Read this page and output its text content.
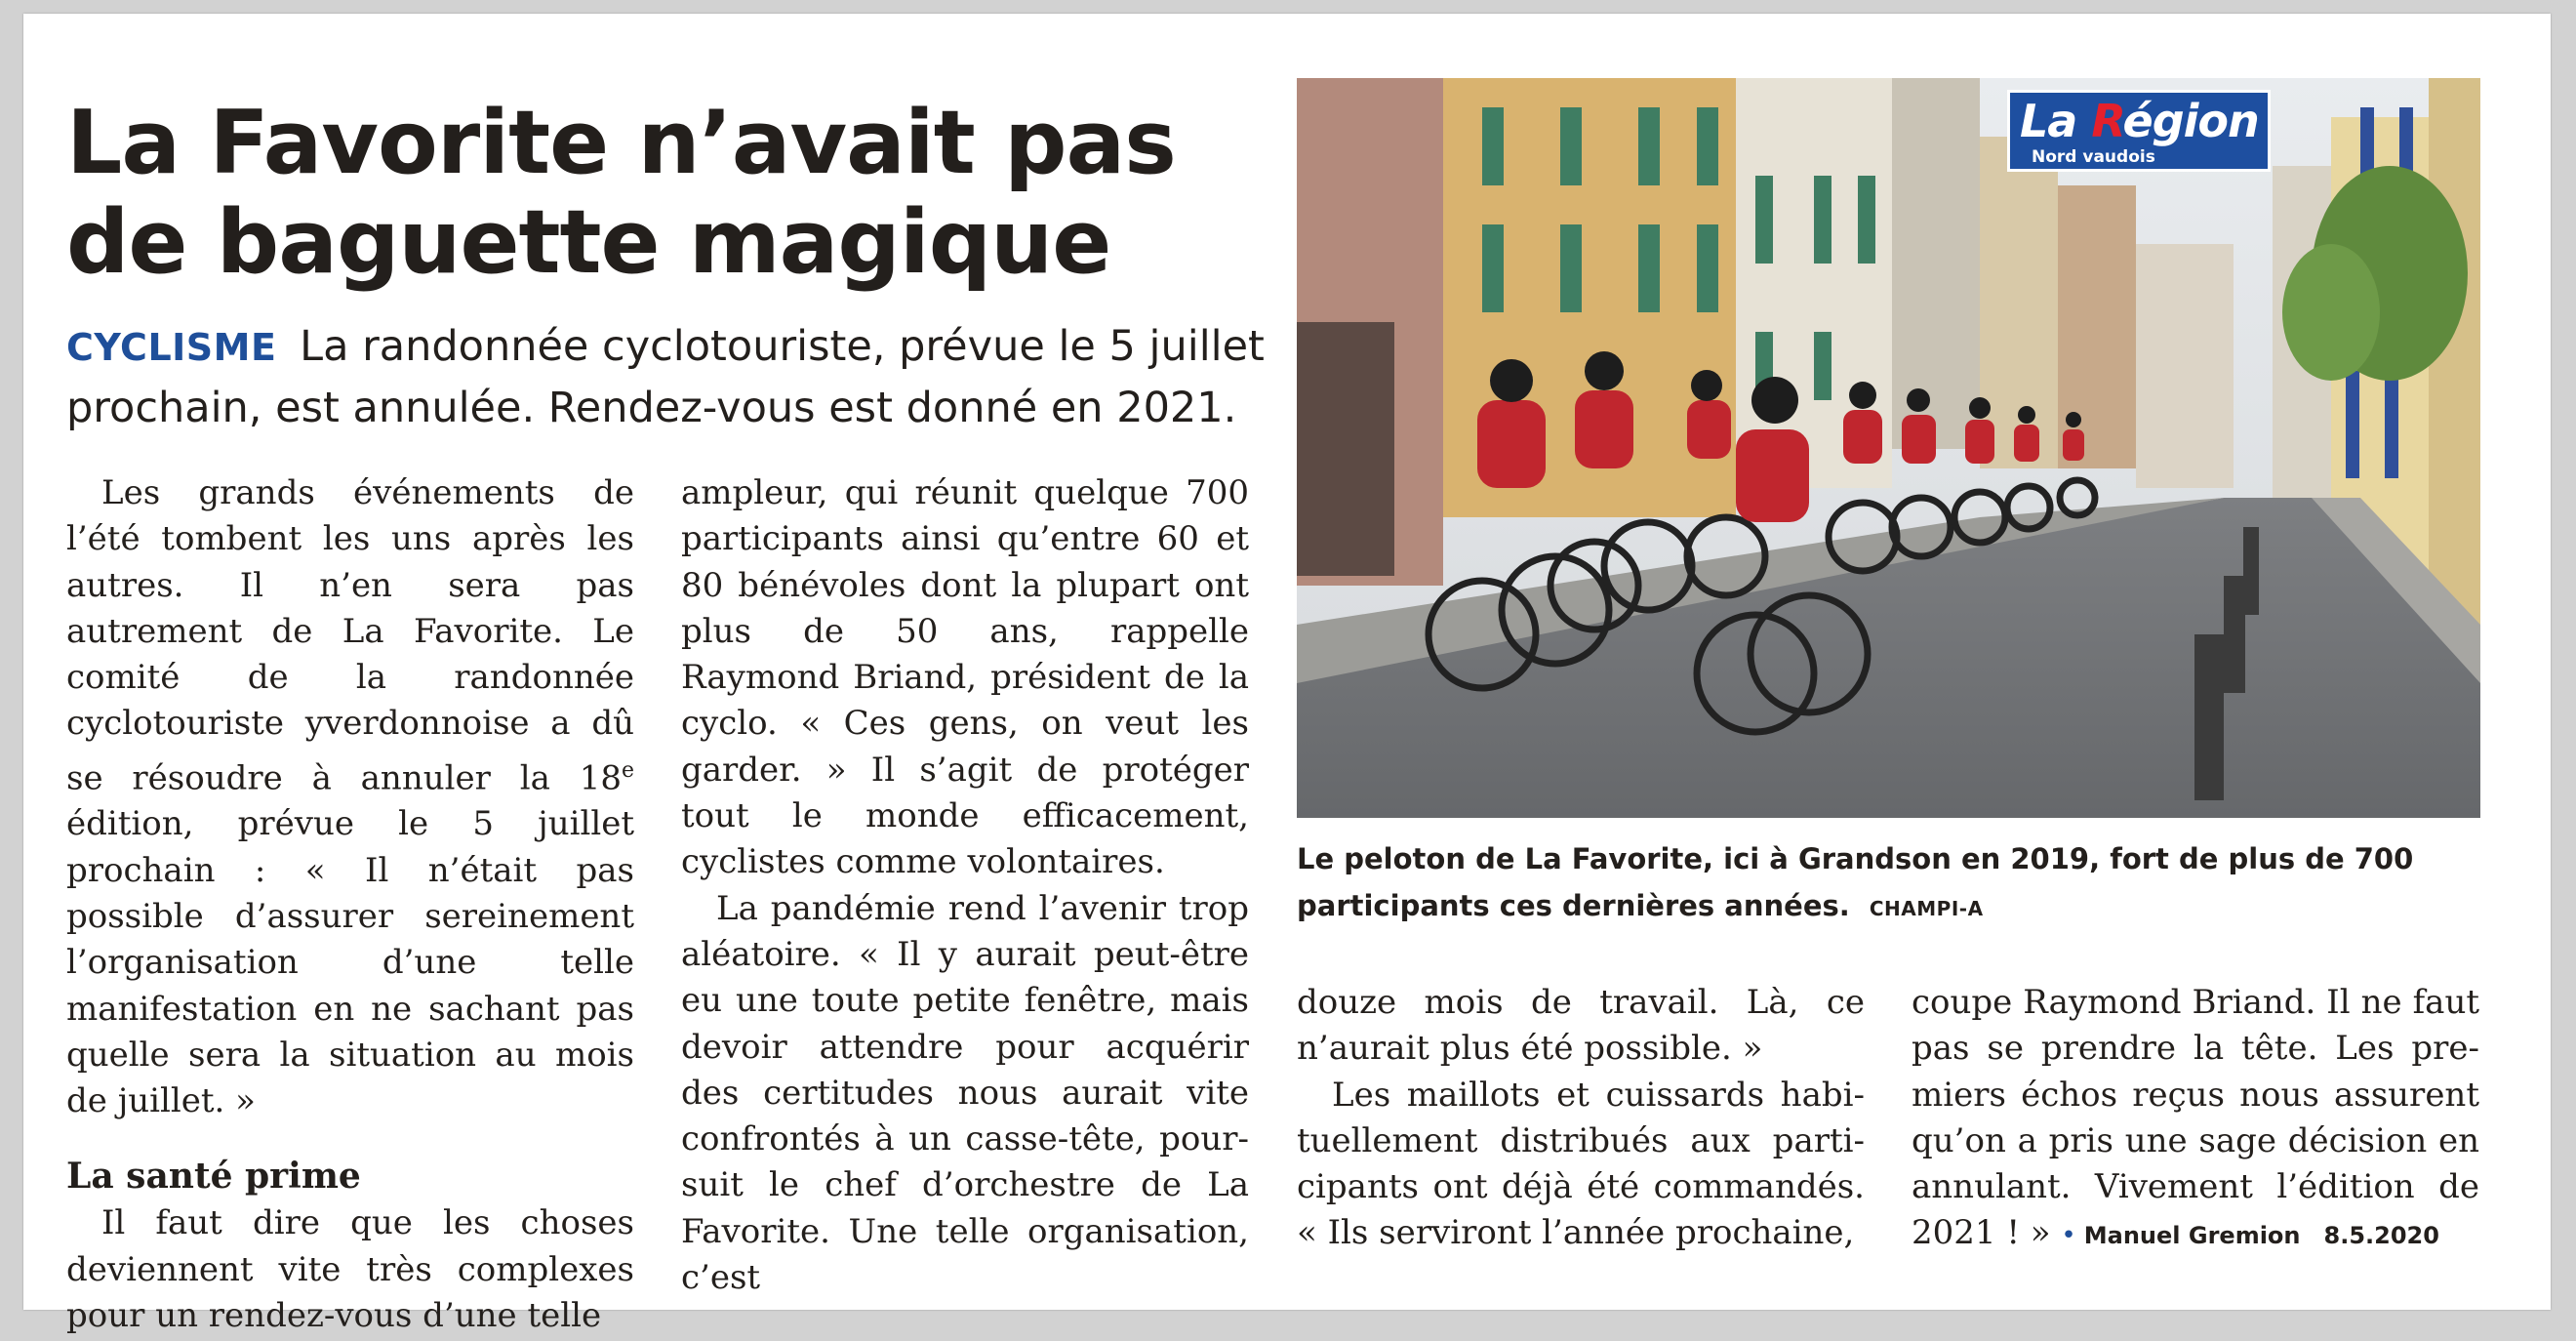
La Favorite n’avait pas
de baguette magique

CYCLISME La randonnée cyclotouriste, prévue le 5 juillet prochain, est annulée. Rendez-vous est donné en 2021.

Les grands événements de l’été tombent les uns après les autres. Il n’en sera pas autrement de La Favorite. Le comité de la randonnée cyclotouriste yverdonnoise a dû se résoudre à annuler la 18e édition, prévue le 5 juillet prochain : « Il n’était pas possible d’assurer sereinement l’organisation d’une telle manifestation en ne sachant pas quelle sera la situation au mois de juillet. »

La santé prime

Il faut dire que les choses deviennent vite très complexes pour un rendez-vous d’une telle

ampleur, qui réunit quelque 700 participants ainsi qu’entre 60 et 80 bénévoles dont la plupart ont plus de 50 ans, rappelle Raymond Briand, président de la cyclo. « Ces gens, on veut les garder. » Il s’agit de protéger tout le monde efficacement, cyclistes comme volontaires.

La pandémie rend l’avenir trop aléatoire. « Il y aurait peut-être eu une toute petite fenêtre, mais devoir attendre pour acquérir des certitudes nous aurait vite confrontés à un casse-tête, poursuit le chef d’orchestre de La Favorite. Une telle organisation, c’est

La Région
Nord vaudois

Le peloton de La Favorite, ici à Grandson en 2019, fort de plus de 700 participants ces dernières années. CHAMPI-A

douze mois de travail. Là, ce n’aurait plus été possible. »

Les maillots et cuissards habituellement distribués aux participants ont déjà été commandés. « Ils serviront l’année prochaine,

coupe Raymond Briand. Il ne faut pas se prendre la tête. Les premiers échos reçus nous assurent qu’on a pris une sage décision en annulant. Vivement l’édition de 2021 ! » • Manuel Gremion 8.5.2020
